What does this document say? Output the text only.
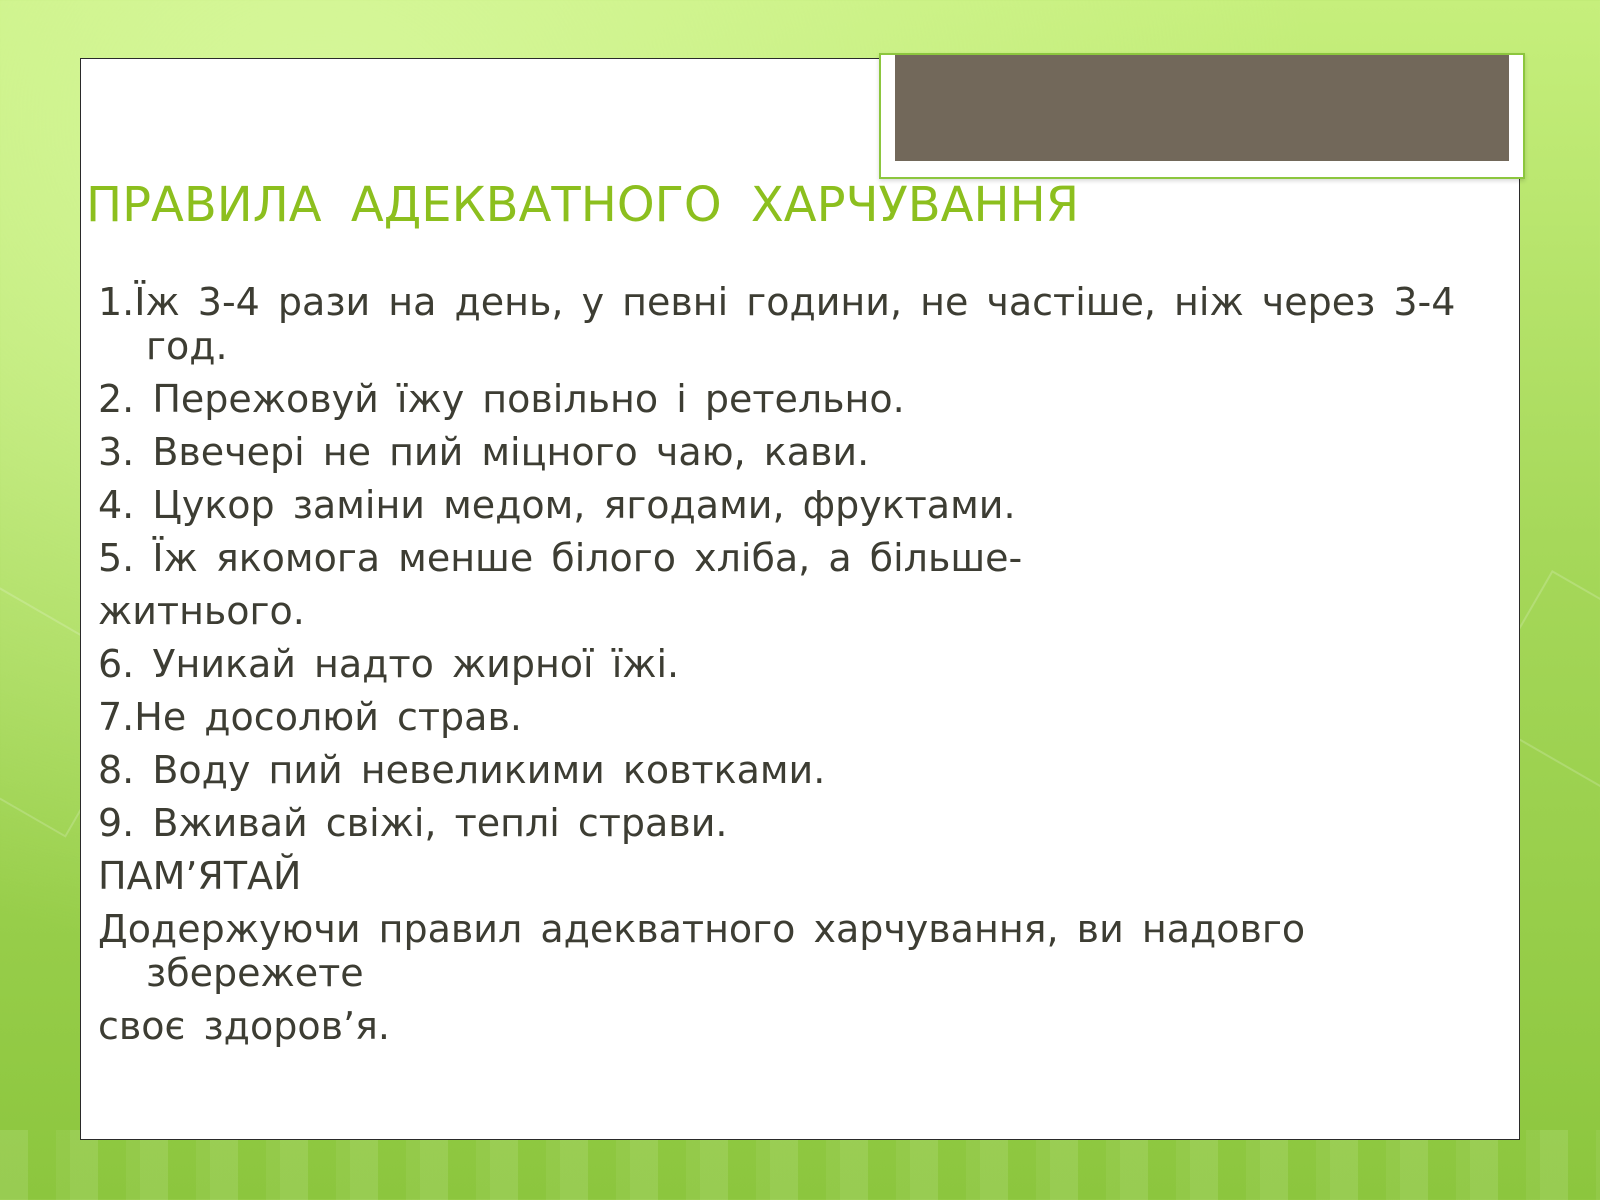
ПРАВИЛА АДЕКВАТНОГО ХАРЧУВАННЯ
1.Їж 3-4 рази на день, у певні години, не частіше, ніж через 3-4 год.
2. Пережовуй їжу повільно і ретельно.
3. Ввечері не пий міцного чаю, кави.
4. Цукор заміни медом, ягодами, фруктами.
5. Їж якомога менше білого хліба, а більше-
житнього.
6. Уникай надто жирної їжі.
7.Не досолюй страв.
8. Воду пий невеликими ковтками.
9. Вживай свіжі, теплі страви.
ПАМ’ЯТАЙ
Додержуючи правил адекватного харчування, ви надовго збережете
своє здоров’я.
